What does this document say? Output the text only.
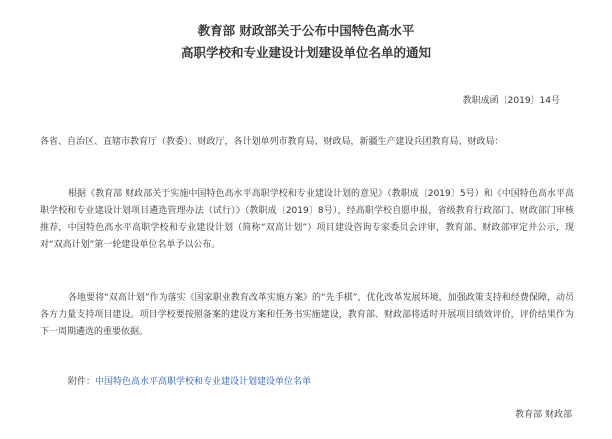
教育部 财政部关于公布中国特色高水平
高职学校和专业建设计划建设单位名单的通知
教职成函〔2019〕14号

各省、自治区、直辖市教育厅（教委）、财政厅，各计划单列市教育局、财政局，新疆生产建设兵团教育局、财政局：

根据《教育部 财政部关于实施中国特色高水平高职学校和专业建设计划的意见》（教职成〔2019〕5号）和《中国特色高水平高职学校和专业建设计划项目遴选管理办法（试行）》（教职成〔2019〕8号），经高职学校自愿申报，省级教育行政部门、财政部门审核推荐，中国特色高水平高职学校和专业建设计划（简称“双高计划”）项目建设咨询专家委员会评审，教育部、财政部审定并公示，现对“双高计划”第一轮建设单位名单予以公布。

各地要将“双高计划”作为落实《国家职业教育改革实施方案》的“先手棋”，优化改革发展环境，加强政策支持和经费保障，动员各方力量支持项目建设。项目学校要按照备案的建设方案和任务书实施建设，教育部、财政部将适时开展项目绩效评价，评价结果作为下一周期遴选的重要依据。

附件：中国特色高水平高职学校和专业建设计划建设单位名单
教育部 财政部
